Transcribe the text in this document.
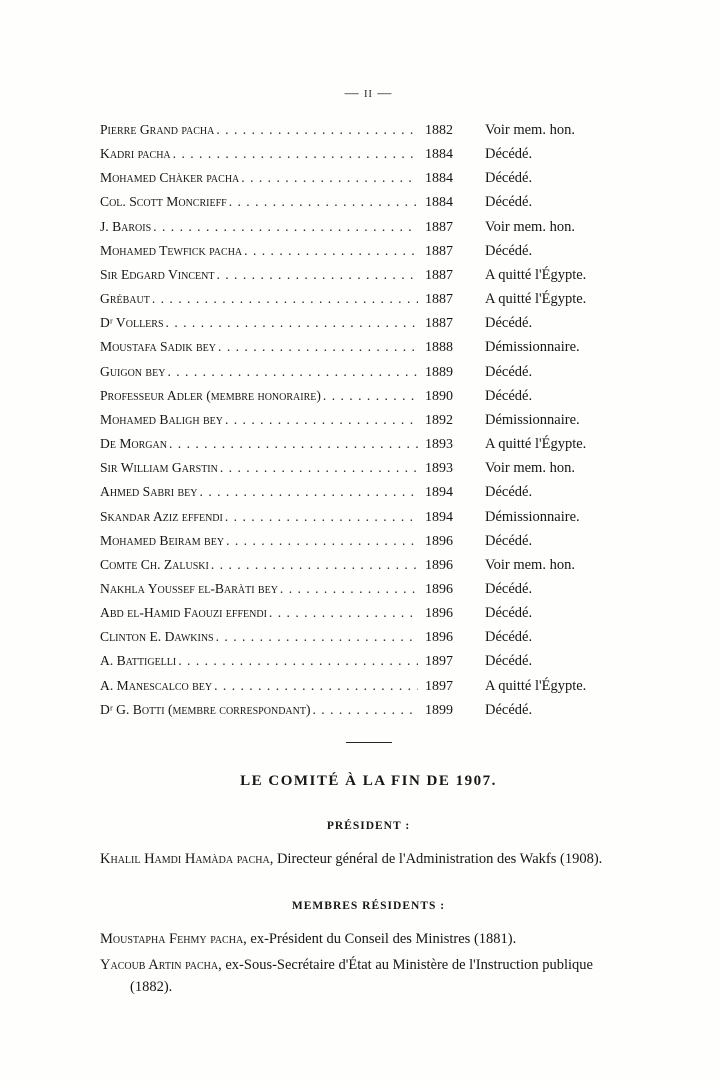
— ii —
Pierre Grand pacha . . .	1882	Voir mem. hon.
Kadri pacha . . .	1884	Décédé.
Mohamed Chàker pacha . . .	1884	Décédé.
Col. Scott Moncrieff . . .	1884	Décédé.
J. Barois . . .	1887	Voir mem. hon.
Mohamed Tewfick pacha . . .	1887	Décédé.
Sir Edgard Vincent . . .	1887	A quitté l'Égypte.
Grébaut . . .	1887	A quitté l'Égypte.
Dʳ Vollers . . .	1887	Décédé.
Moustafa Sadik bey . . .	1888	Démissionnaire.
Guigon bey . . .	1889	Décédé.
Professeur Adler (membre honoraire) . . .	1890	Décédé.
Mohamed Baligh bey . . .	1892	Démissionnaire.
De Morgan . . .	1893	A quitté l'Égypte.
Sir William Garstin . . .	1893	Voir mem. hon.
Ahmed Sabri bey . . .	1894	Décédé.
Skandar Aziz effendi . . .	1894	Démissionnaire.
Mohamed Beiram bey . . .	1896	Décédé.
Comte Ch. Zaluski . . .	1896	Voir mem. hon.
Nakhla Youssef el-Baràti bey . . .	1896	Décédé.
Abd el-Hamid Faouzi effendi . . .	1896	Décédé.
Clinton E. Dawkins . . .	1896	Décédé.
A. Battigelli . . .	1897	Décédé.
A. Manescalco bey . . .	1897	A quitté l'Égypte.
Dʳ G. Botti (membre correspondant) . . .	1899	Décédé.
LE COMITÉ À LA FIN DE 1907.
PRÉSIDENT :
Khalil Hamdi Hamàda pacha, Directeur général de l'Administration des Wakfs (1908).
MEMBRES RÉSIDENTS :
Moustapha Fehmy pacha, ex-Président du Conseil des Ministres (1881).
Yacoub Artin pacha, ex-Sous-Secrétaire d'État au Ministère de l'Instruction publique (1882).
